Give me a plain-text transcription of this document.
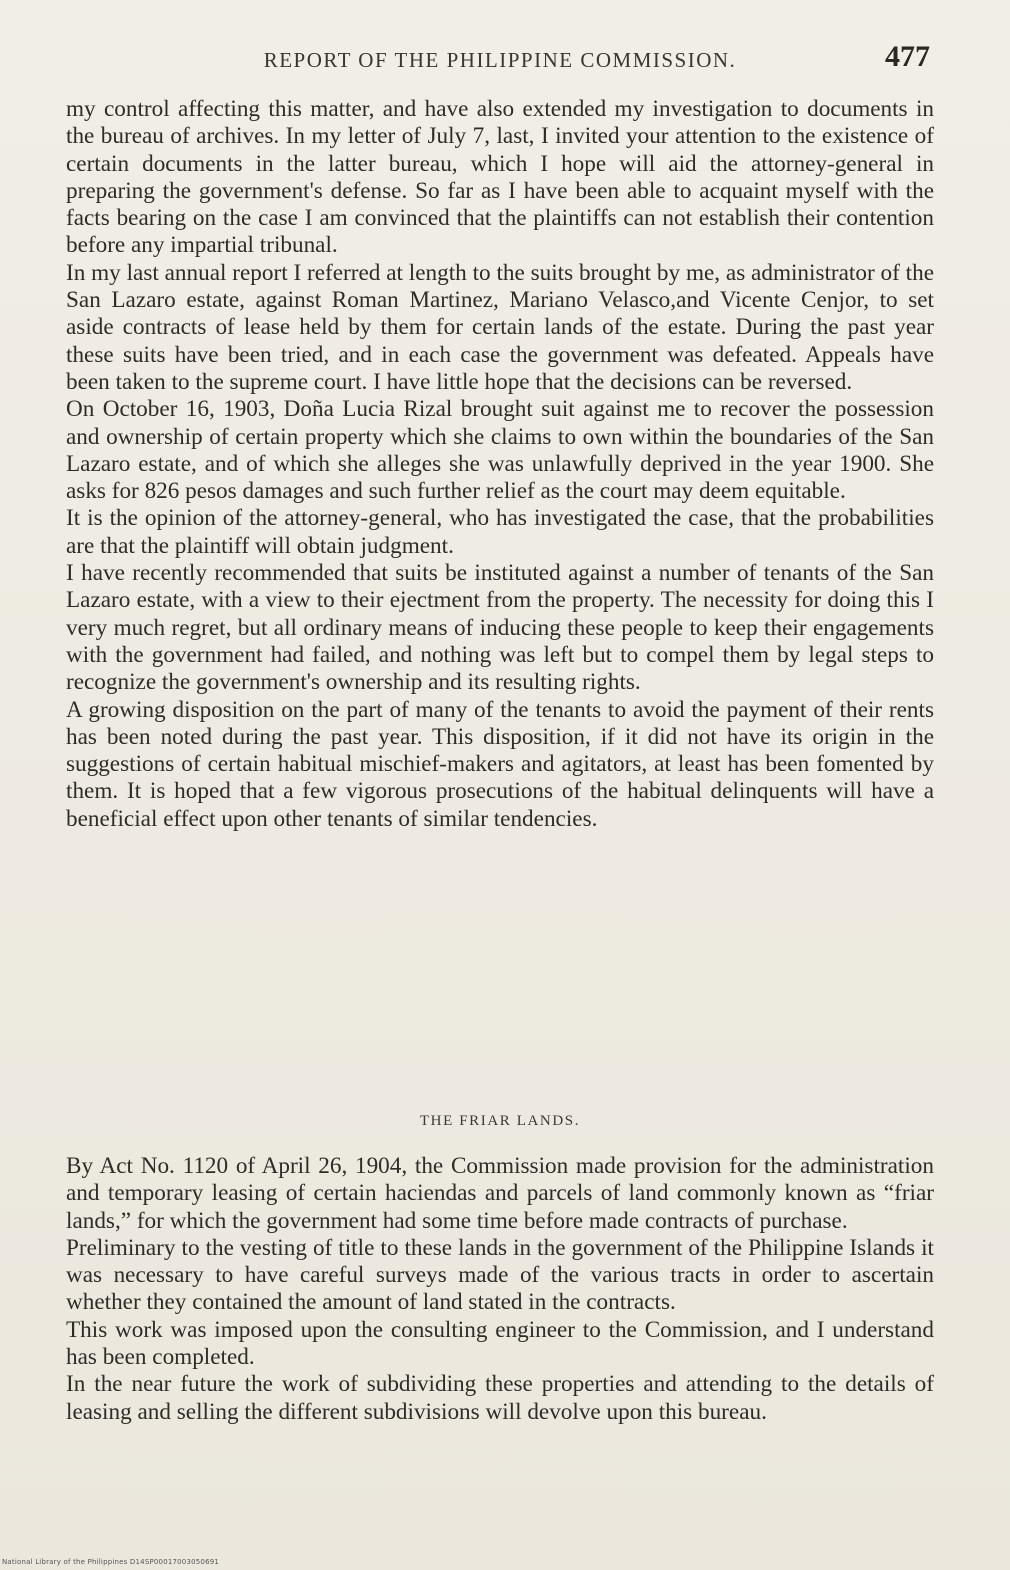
REPORT OF THE PHILIPPINE COMMISSION.	477

my control affecting this matter, and have also extended my investigation to documents in the bureau of archives. In my letter of July 7, last, I invited your attention to the existence of certain documents in the latter bureau, which I hope will aid the attorney-general in preparing the government's defense. So far as I have been able to acquaint myself with the facts bearing on the case I am convinced that the plaintiffs can not establish their contention before any impartial tribunal.

In my last annual report I referred at length to the suits brought by me, as administrator of the San Lazaro estate, against Roman Martinez, Mariano Velasco,and Vicente Cenjor, to set aside contracts of lease held by them for certain lands of the estate. During the past year these suits have been tried, and in each case the government was defeated. Appeals have been taken to the supreme court. I have little hope that the decisions can be reversed.

On October 16, 1903, Doña Lucia Rizal brought suit against me to recover the possession and ownership of certain property which she claims to own within the boundaries of the San Lazaro estate, and of which she alleges she was unlawfully deprived in the year 1900. She asks for 826 pesos damages and such further relief as the court may deem equitable.

It is the opinion of the attorney-general, who has investigated the case, that the probabilities are that the plaintiff will obtain judgment.

I have recently recommended that suits be instituted against a number of tenants of the San Lazaro estate, with a view to their ejectment from the property. The necessity for doing this I very much regret, but all ordinary means of inducing these people to keep their engagements with the government had failed, and nothing was left but to compel them by legal steps to recognize the government's ownership and its resulting rights.

A growing disposition on the part of many of the tenants to avoid the payment of their rents has been noted during the past year. This disposition, if it did not have its origin in the suggestions of certain habitual mischief-makers and agitators, at least has been fomented by them. It is hoped that a few vigorous prosecutions of the habitual delinquents will have a beneficial effect upon other tenants of similar tendencies.

THE FRIAR LANDS.

By Act No. 1120 of April 26, 1904, the Commission made provision for the administration and temporary leasing of certain haciendas and parcels of land commonly known as “friar lands,” for which the government had some time before made contracts of purchase.

Preliminary to the vesting of title to these lands in the government of the Philippine Islands it was necessary to have careful surveys made of the various tracts in order to ascertain whether they contained the amount of land stated in the contracts.

This work was imposed upon the consulting engineer to the Commission, and I understand has been completed.

In the near future the work of subdividing these properties and attending to the details of leasing and selling the different subdivisions will devolve upon this bureau.

National Library of the Philippines D14SP00017003050691
